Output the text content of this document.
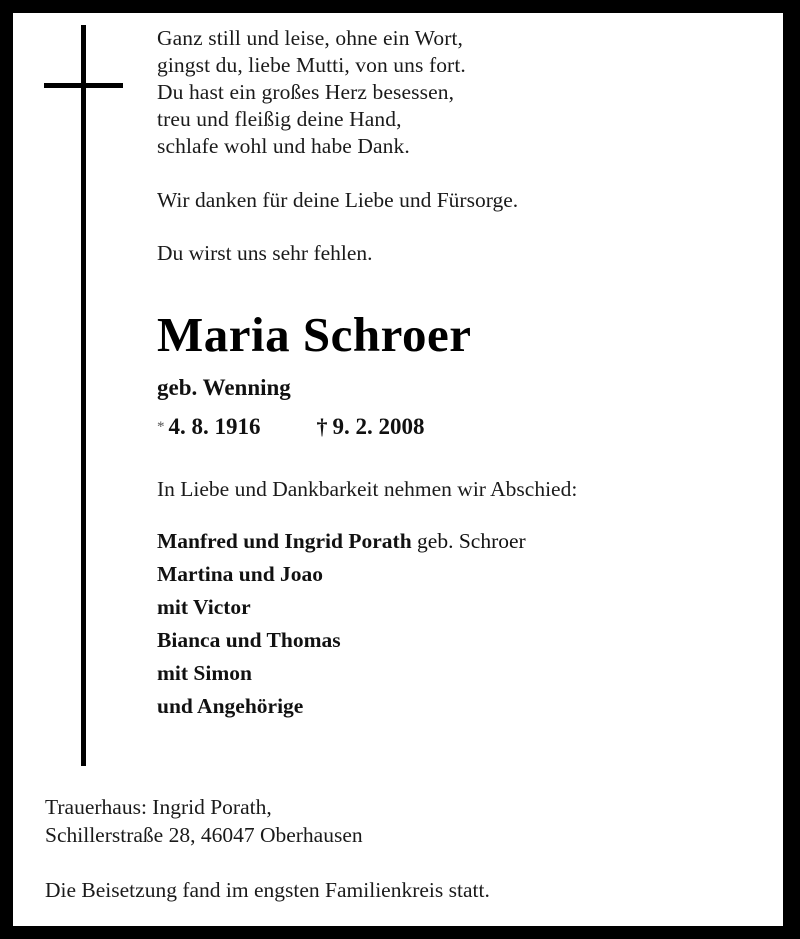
Ganz still und leise, ohne ein Wort,
gingst du, liebe Mutti, von uns fort.
Du hast ein großes Herz besessen,
treu und fleißig deine Hand,
schlafe wohl und habe Dank.
Wir danken für deine Liebe und Fürsorge.
Du wirst uns sehr fehlen.
Maria Schroer
geb. Wenning
* 4. 8. 1916	† 9. 2. 2008
In Liebe und Dankbarkeit nehmen wir Abschied:
Manfred und Ingrid Porath geb. Schroer
Martina und Joao
mit Victor
Bianca und Thomas
mit Simon
und Angehörige
Trauerhaus: Ingrid Porath,
Schillerstraße 28, 46047 Oberhausen
Die Beisetzung fand im engsten Familienkreis statt.
